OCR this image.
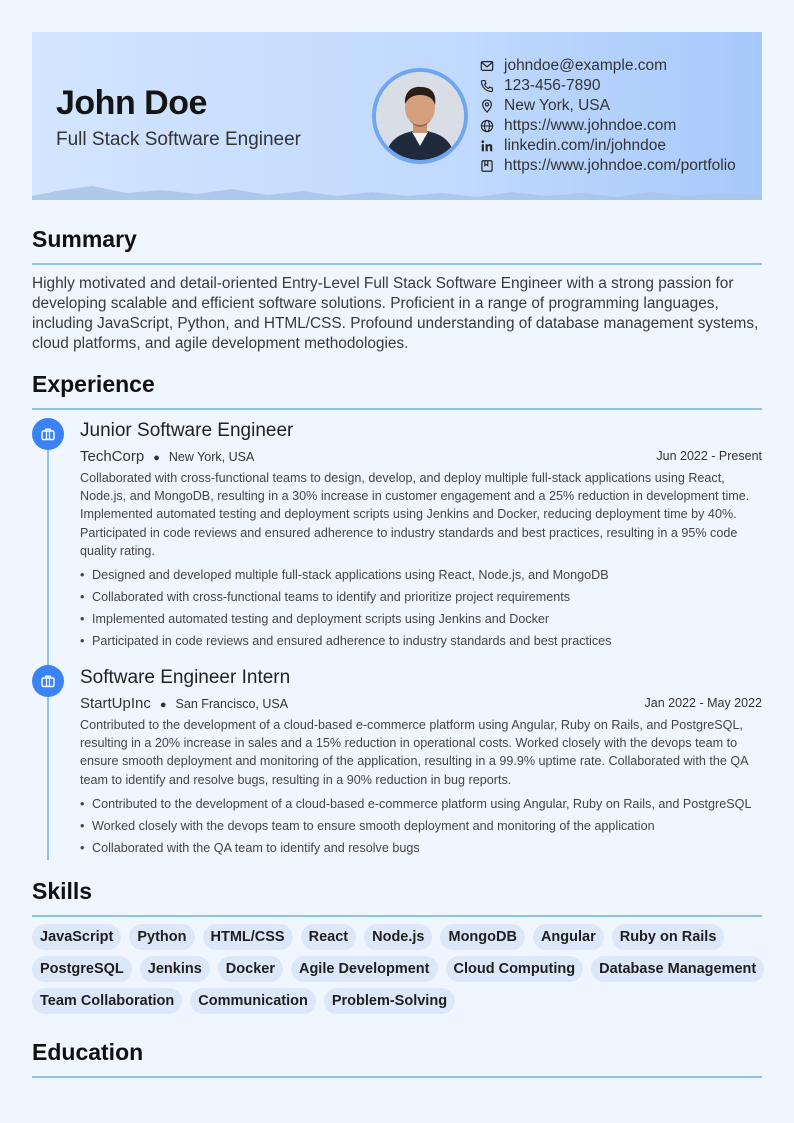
John Doe
Full Stack Software Engineer
johndoe@example.com
123-456-7890
New York, USA
https://www.johndoe.com
linkedin.com/in/johndoe
https://www.johndoe.com/portfolio
Summary
Highly motivated and detail-oriented Entry-Level Full Stack Software Engineer with a strong passion for developing scalable and efficient software solutions. Proficient in a range of programming languages, including JavaScript, Python, and HTML/CSS. Profound understanding of database management systems, cloud platforms, and agile development methodologies.
Experience
Junior Software Engineer
TechCorp ● New York, USA	Jun 2022 - Present
Collaborated with cross-functional teams to design, develop, and deploy multiple full-stack applications using React, Node.js, and MongoDB, resulting in a 30% increase in customer engagement and a 25% reduction in development time. Implemented automated testing and deployment scripts using Jenkins and Docker, reducing deployment time by 40%. Participated in code reviews and ensured adherence to industry standards and best practices, resulting in a 95% code quality rating.
• Designed and developed multiple full-stack applications using React, Node.js, and MongoDB
• Collaborated with cross-functional teams to identify and prioritize project requirements
• Implemented automated testing and deployment scripts using Jenkins and Docker
• Participated in code reviews and ensured adherence to industry standards and best practices
Software Engineer Intern
StartUpInc ● San Francisco, USA	Jan 2022 - May 2022
Contributed to the development of a cloud-based e-commerce platform using Angular, Ruby on Rails, and PostgreSQL, resulting in a 20% increase in sales and a 15% reduction in operational costs. Worked closely with the devops team to ensure smooth deployment and monitoring of the application, resulting in a 99.9% uptime rate. Collaborated with the QA team to identify and resolve bugs, resulting in a 90% reduction in bug reports.
• Contributed to the development of a cloud-based e-commerce platform using Angular, Ruby on Rails, and PostgreSQL
• Worked closely with the devops team to ensure smooth deployment and monitoring of the application
• Collaborated with the QA team to identify and resolve bugs
Skills
JavaScript	Python	HTML/CSS	React	Node.js	MongoDB	Angular	Ruby on Rails
PostgreSQL	Jenkins	Docker	Agile Development	Cloud Computing	Database Management
Team Collaboration	Communication	Problem-Solving
Education
